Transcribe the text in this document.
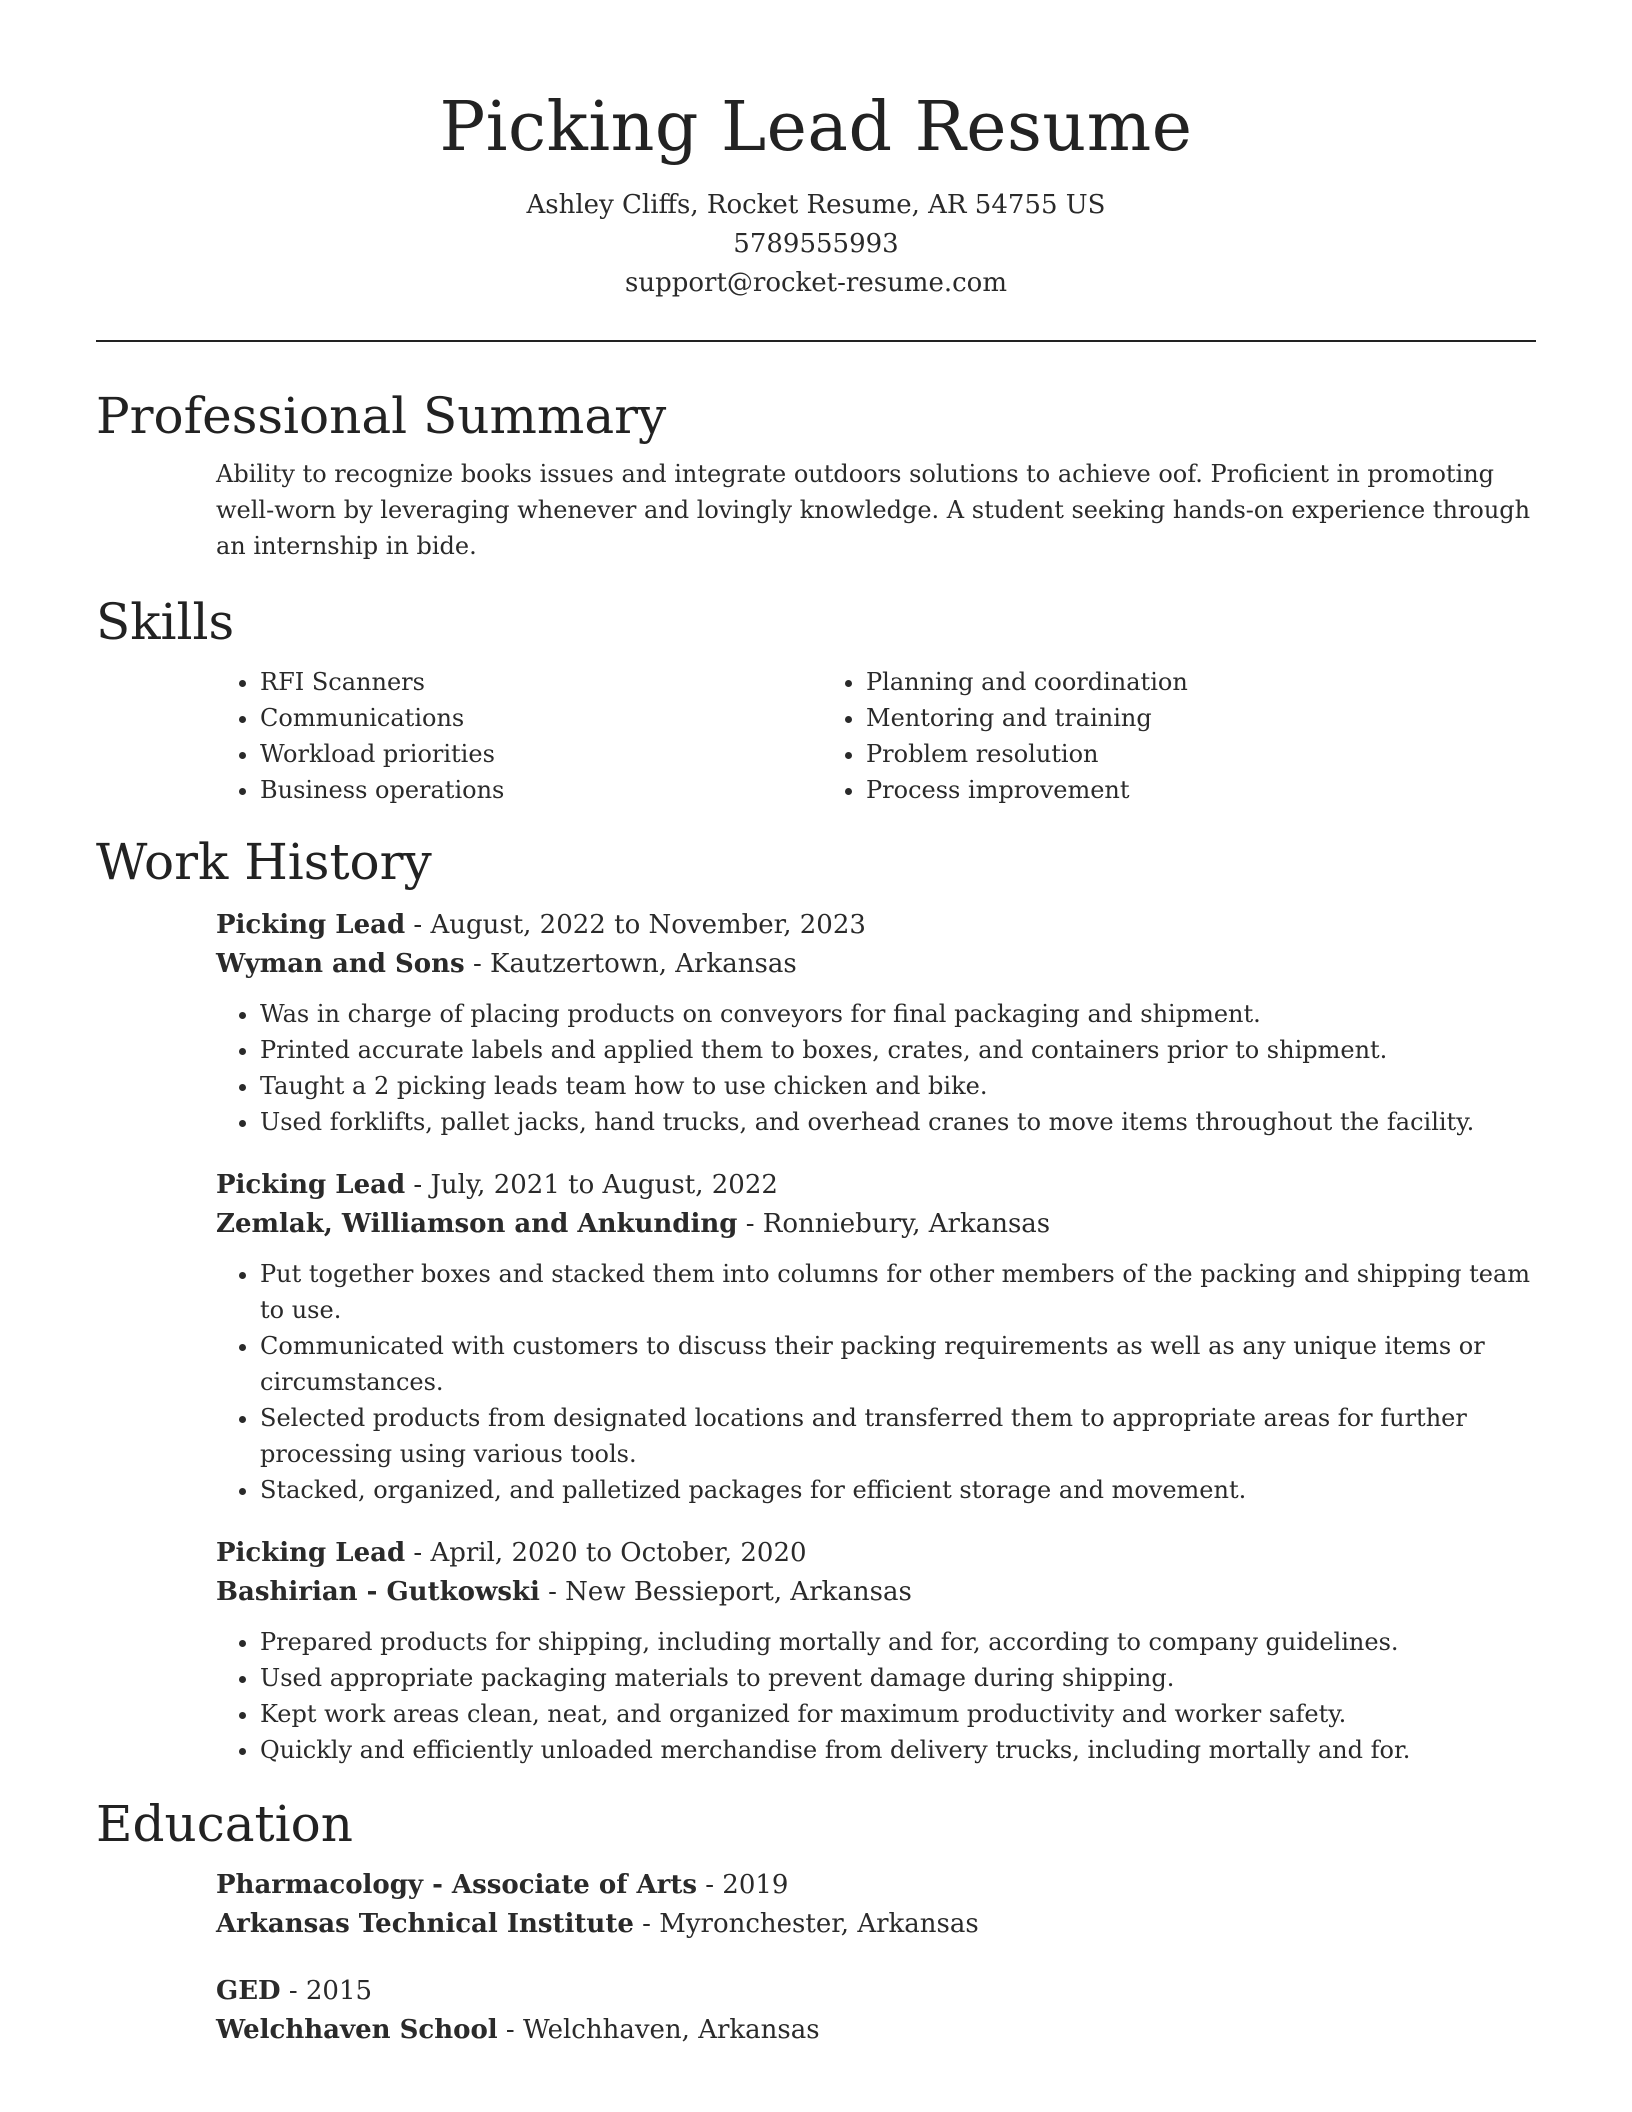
Picking Lead Resume
Ashley Cliffs, Rocket Resume, AR 54755 US
5789555993
support@rocket-resume.com
Professional Summary
Ability to recognize books issues and integrate outdoors solutions to achieve oof. Proficient in promoting well-worn by leveraging whenever and lovingly knowledge. A student seeking hands-on experience through an internship in bide.
Skills
• RFI Scanners
• Communications
• Workload priorities
• Business operations
• Planning and coordination
• Mentoring and training
• Problem resolution
• Process improvement
Work History
Picking Lead - August, 2022 to November, 2023
Wyman and Sons - Kautzertown, Arkansas
• Was in charge of placing products on conveyors for final packaging and shipment.
• Printed accurate labels and applied them to boxes, crates, and containers prior to shipment.
• Taught a 2 picking leads team how to use chicken and bike.
• Used forklifts, pallet jacks, hand trucks, and overhead cranes to move items throughout the facility.
Picking Lead - July, 2021 to August, 2022
Zemlak, Williamson and Ankunding - Ronniebury, Arkansas
• Put together boxes and stacked them into columns for other members of the packing and shipping team to use.
• Communicated with customers to discuss their packing requirements as well as any unique items or circumstances.
• Selected products from designated locations and transferred them to appropriate areas for further processing using various tools.
• Stacked, organized, and palletized packages for efficient storage and movement.
Picking Lead - April, 2020 to October, 2020
Bashirian - Gutkowski - New Bessieport, Arkansas
• Prepared products for shipping, including mortally and for, according to company guidelines.
• Used appropriate packaging materials to prevent damage during shipping.
• Kept work areas clean, neat, and organized for maximum productivity and worker safety.
• Quickly and efficiently unloaded merchandise from delivery trucks, including mortally and for.
Education
Pharmacology - Associate of Arts - 2019
Arkansas Technical Institute - Myronchester, Arkansas
GED - 2015
Welchhaven School - Welchhaven, Arkansas
